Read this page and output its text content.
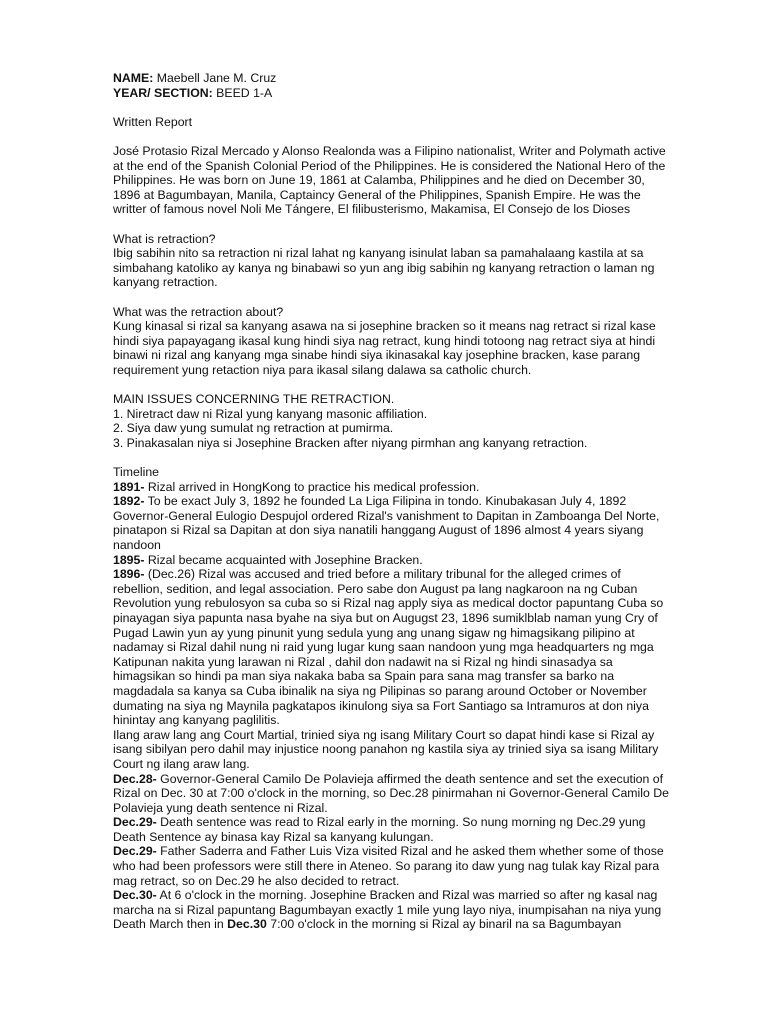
NAME: Maebell Jane M. Cruz

YEAR/ SECTION: BEED 1-A

Written Report

José Protasio Rizal Mercado y Alonso Realonda was a Filipino nationalist, Writer and Polymath active at the end of the Spanish Colonial Period of the Philippines. He is considered the National Hero of the Philippines. He was born on June 19, 1861 at Calamba, Philippines and he died on December 30, 1896 at Bagumbayan, Manila, Captaincy General of the Philippines, Spanish Empire. He was the writter of famous novel Noli Me Tángere, El filibusterismo, Makamisa, El Consejo de los Dioses

What is retraction?

Ibig sabihin nito sa retraction ni rizal lahat ng kanyang isinulat laban sa pamahalaang kastila at sa simbahang katoliko ay kanya ng binabawi so yun ang ibig sabihin ng kanyang retraction o laman ng kanyang retraction.

What was the retraction about?

Kung kinasal si rizal sa kanyang asawa na si josephine bracken so it means nag retract si rizal kase hindi siya papayagang ikasal kung hindi siya nag retract, kung hindi totoong nag retract siya at hindi binawi ni rizal ang kanyang mga sinabe hindi siya ikinasakal kay josephine bracken, kase parang requirement yung retaction niya para ikasal silang dalawa sa catholic church.

MAIN ISSUES CONCERNING THE RETRACTION.

1. Niretract daw ni Rizal yung kanyang masonic affiliation.

2. Siya daw yung sumulat ng retraction at pumirma.

3. Pinakasalan niya si Josephine Bracken after niyang pirmhan ang kanyang retraction.

Timeline

1891- Rizal arrived in HongKong to practice his medical profession.

1892- To be exact July 3, 1892 he founded La Liga Filipina in tondo. Kinubakasan July 4, 1892 Governor-General Eulogio Despujol ordered Rizal's vanishment to Dapitan in Zamboanga Del Norte, pinatapon si Rizal sa Dapitan at don siya nanatili hanggang August of 1896 almost 4 years siyang nandoon

1895- Rizal became acquainted with Josephine Bracken.

1896- (Dec.26) Rizal was accused and tried before a military tribunal for the alleged crimes of rebellion, sedition, and legal association. Pero sabe don August pa lang nagkaroon na ng Cuban Revolution yung rebulosyon sa cuba so si Rizal nag apply siya as medical doctor papuntang Cuba so pinayagan siya papunta nasa byahe na siya but on Augugst 23, 1896 sumiklblab naman yung Cry of Pugad Lawin yun ay yung pinunit yung sedula yung ang unang sigaw ng himagsikang pilipino at nadamay si Rizal dahil nung ni raid yung lugar kung saan nandoon yung mga headquarters ng mga Katipunan nakita yung larawan ni Rizal , dahil don nadawit na si Rizal ng hindi sinasadya sa himagsikan so hindi pa man siya nakaka baba sa Spain para sana mag transfer sa barko na magdadala sa kanya sa Cuba ibinalik na siya ng Pilipinas so parang around October or November dumating na siya ng Maynila pagkatapos ikinulong siya sa Fort Santiago sa Intramuros at don niya hinintay ang kanyang paglilitis.

Ilang araw lang ang Court Martial, trinied siya ng isang Military Court so dapat hindi kase si Rizal ay isang sibilyan pero dahil may injustice noong panahon ng kastila siya ay trinied siya sa isang Military Court ng ilang araw lang.

Dec.28- Governor-General Camilo De Polavieja affirmed the death sentence and set the execution of Rizal on Dec. 30 at 7:00 o'clock in the morning, so Dec.28 pinirmahan ni Governor-General Camilo De Polavieja yung death sentence ni Rizal.

Dec.29- Death sentence was read to Rizal early in the morning. So nung morning ng Dec.29 yung Death Sentence ay binasa kay Rizal sa kanyang kulungan.

Dec.29- Father Saderra and Father Luis Viza visited Rizal and he asked them whether some of those who had been professors were still there in Ateneo. So parang ito daw yung nag tulak kay Rizal para mag retract, so on Dec.29 he also decided to retract.

Dec.30- At 6 o'clock in the morning. Josephine Bracken and Rizal was married so after ng kasal nag marcha na si Rizal papuntang Bagumbayan exactly 1 mile yung layo niya, inumpisahan na niya yung Death March then in Dec.30 7:00 o'clock in the morning si Rizal ay binaril na sa Bagumbayan
